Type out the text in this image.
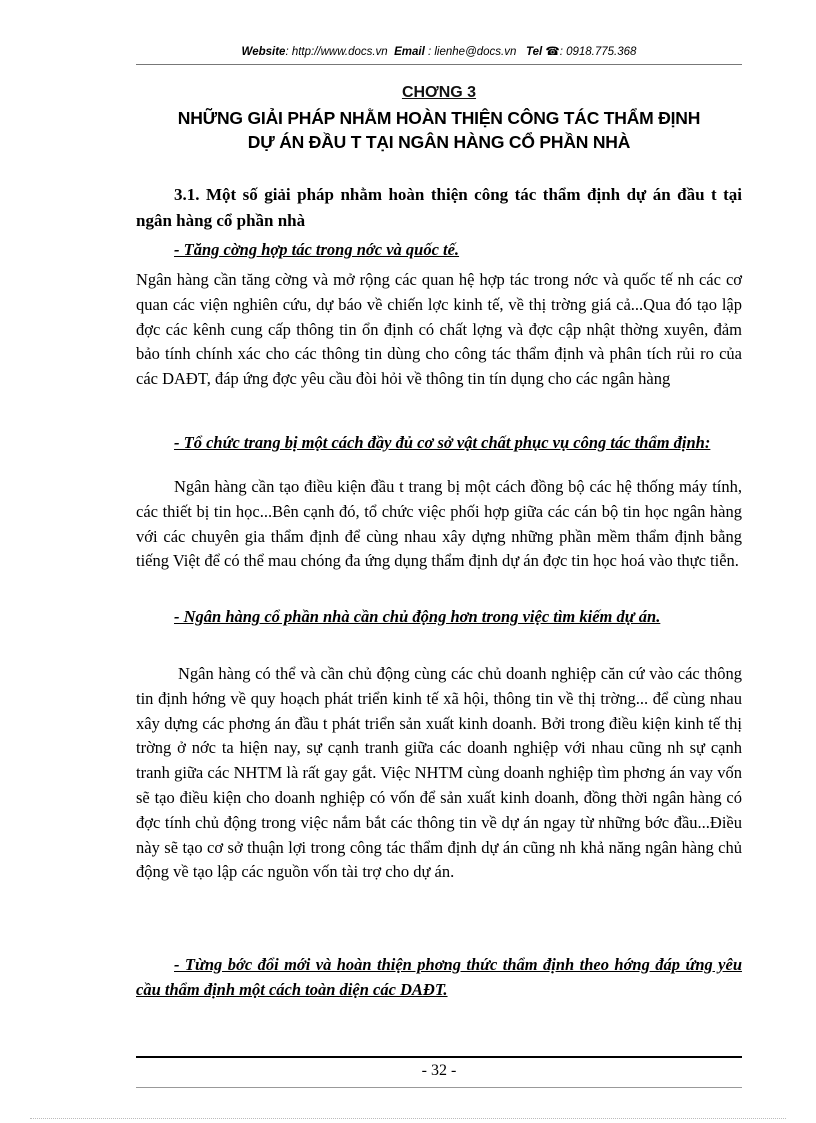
Website: http://www.docs.vn Email : lienhe@docs.vn Tel ☎: 0918.775.368
CHƠNG 3
NHỮNG GIẢI PHÁP NHẰM HOÀN THIỆN CÔNG TÁC THẨM ĐỊNH
DỰ ÁN ĐẦU T TẠI NGÂN HÀNG CỔ PHẦN NHÀ
3.1. Một số giải pháp nhằm hoàn thiện công tác thẩm định dự án đầu t tại ngân hàng cổ phần nhà
- Tăng cờng hợp tác trong nớc và quốc tế.
Ngân hàng cần tăng cờng và mở rộng các quan hệ hợp tác trong nớc và quốc tế nh các cơ quan các viện nghiên cứu, dự báo về chiến lợc kinh tế, về thị trờng giá cả...Qua đó tạo lập đợc các kênh cung cấp thông tin ổn định có chất lợng và đợc cập nhật thờng xuyên, đảm bảo tính chính xác cho các thông tin dùng cho công tác thẩm định và phân tích rủi ro của các DAĐT, đáp ứng đợc yêu cầu đòi hỏi về thông tin tín dụng cho các ngân hàng
- Tổ chức trang bị một cách đầy đủ cơ sở vật chất phục vụ công tác thẩm định:
Ngân hàng cần tạo điều kiện đầu t trang bị một cách đồng bộ các hệ thống máy tính, các thiết bị tin học...Bên cạnh đó, tổ chức việc phối hợp giữa các cán bộ tin học ngân hàng với các chuyên gia thẩm định để cùng nhau xây dựng những phần mềm thẩm định bằng tiếng Việt để có thể mau chóng đa ứng dụng thẩm định dự án đợc tin học hoá vào thực tiễn.
- Ngân hàng cổ phần nhà cần chủ động hơn trong việc tìm kiếm dự án.
Ngân hàng có thể và cần chủ động cùng các chủ doanh nghiệp căn cứ vào các thông tin định hớng về quy hoạch phát triển kinh tế xã hội, thông tin về thị trờng... để cùng nhau xây dựng các phơng án đầu t phát triển sản xuất kinh doanh. Bởi trong điều kiện kinh tế thị trờng ở nớc ta hiện nay, sự cạnh tranh giữa các doanh nghiệp với nhau cũng nh sự cạnh tranh giữa các NHTM là rất gay gắt. Việc NHTM cùng doanh nghiệp tìm phơng án vay vốn sẽ tạo điều kiện cho doanh nghiệp có vốn để sản xuất kinh doanh, đồng thời ngân hàng có đợc tính chủ động trong việc nắm bắt các thông tin về dự án ngay từ những bớc đầu...Điều này sẽ tạo cơ sở thuận lợi trong công tác thẩm định dự án cũng nh khả năng ngân hàng chủ động về tạo lập các nguồn vốn tài trợ cho dự án.
- Từng bớc đổi mới và hoàn thiện phơng thức thẩm định theo hớng đáp ứng yêu cầu thẩm định một cách toàn diện các DAĐT.
- 32 -
